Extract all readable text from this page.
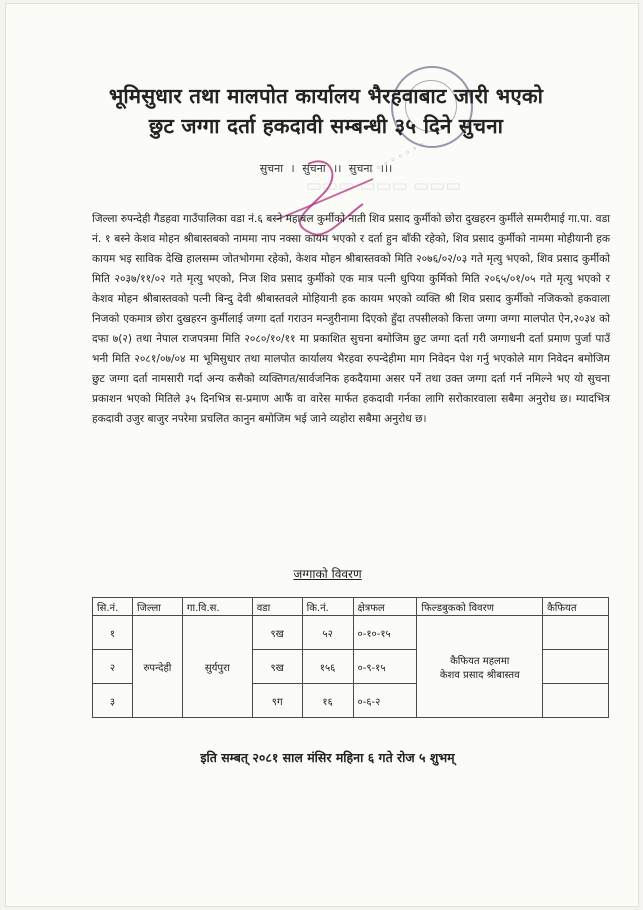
◦ ◦ ◦ ◦ ◦ ◦ ◦ ◦
▭▭▭ ▭▭▭ ▭▭▭
भूमिसुधार तथा मालपोत कार्यालय भैरहवाबाट जारी भएको
छुट जग्गा दर्ता हकदावी सम्बन्धी ३५ दिने सुचना
सुचना । सुचना ।। सुचना ।।।
जिल्ला रुपन्देही गैडहवा गाउँपालिका वडा नं.६ बस्ने महाबल कुर्मीको नाती शिव प्रसाद कुर्मीको छोरा दुखहरन कुर्मीले सम्मरीमाई गा.पा. वडा नं. १ बस्ने केशव मोहन श्रीबास्तबको नाममा नाप नक्सा कायम भएको र दर्ता हुन बाँकी रहेको, शिव प्रसाद कुर्मीको नाममा मोहीयानी हक कायम भइ साविक देखि हालसम्म जोतभोगमा रहेको, केशव मोहन श्रीबास्तवको मिति २०७६/०२/०३ गते मृत्यु भएको, शिव प्रसाद कुर्मीको मिति २०३७/११/०२ गते मृत्यु भएको, निज शिव प्रसाद कुर्मीको एक मात्र पत्नी धुपिया कुर्मिको मिति २०६५/०१/०५ गते मृत्यु भएको र केशव मोहन श्रीबास्तवको पत्नी बिन्दु देवी श्रीबास्तवले मोहियानी हक कायम भएको व्यक्ति श्री शिव प्रसाद कुर्मीको नजिकको हकवाला निजको एकमात्र छोरा दुखहरन कुर्मीलाई जग्गा दर्ता गराउन मन्जुरीनामा दिएको हुँदा तपसीलको कित्ता जग्गा जग्गा मालपोत ऐन,२०३४ को दफा ७(२) तथा नेपाल राजपत्रमा मिति २०८०/१०/११ मा प्रकाशित सुचना बमोजिम छुट जग्गा दर्ता गरी जग्गाधनी दर्ता प्रमाण पुर्जा पाउँ भनी मिति २०८१/०७/०४ मा भूमिसुधार तथा मालपोत कार्यालय भैरहवा रुपन्देहीमा माग निवेदन पेश गर्नु भएकोले माग निवेदन बमोजिम छुट जग्गा दर्ता नामसारी गर्दा अन्य कसैको व्यक्तिगत/सार्वजनिक हकदैयामा असर पर्ने तथा उक्त जग्गा दर्ता गर्न नमिल्ने भए यो सुचना प्रकाशन भएको मितिले ३५ दिनभित्र स-प्रमाण आफैं वा वारेस मार्फत हकदावी गर्नका लागि सरोकारवाला सबैमा अनुरोध छ। म्यादभित्र हकदावी उजुर बाजुर नपरेमा प्रचलित कानुन बमोजिम भई जाने व्यहोरा सबैमा अनुरोध छ।
जग्गाको विवरण
सि.नं.	जिल्ला	गा.वि.स.	वडा	कि.नं.	क्षेत्रफल	फिल्डबुकको विवरण	कैफियत
१	रुपन्देही	सुर्यपुरा	९ख	५२	०-१०-१५	कैफियत महलमा
केशव प्रसाद श्रीबास्तव	

२			९ख	१५६	०-९-१५		
३			९ग	१६	०-६-२		
इति सम्बत् २०८१ साल मंसिर महिना ६ गते रोज ५ शुभम्
